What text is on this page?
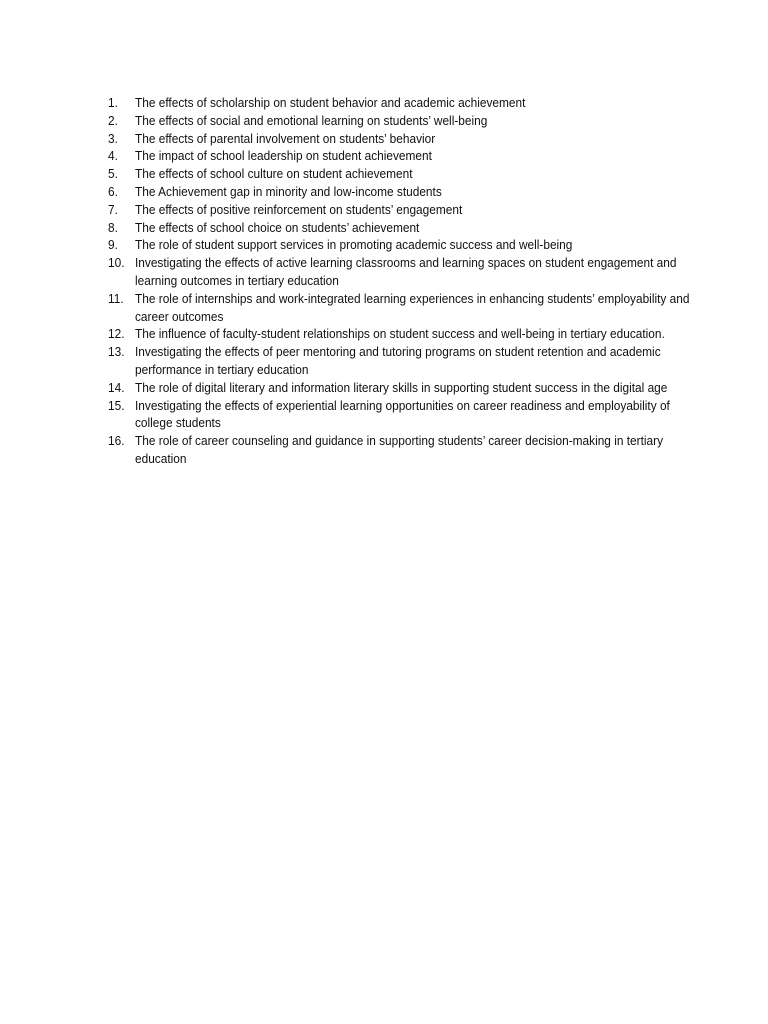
1.	The effects of scholarship on student behavior and academic achievement
2.	The effects of social and emotional learning on students’ well-being
3.	The effects of parental involvement on students’ behavior
4.	The impact of school leadership on student achievement
5.	The effects of school culture on student achievement
6.	The Achievement gap in minority and low-income students
7.	The effects of positive reinforcement on students’ engagement
8.	The effects of school choice on students’ achievement
9.	The role of student support services in promoting academic success and well-being
10. Investigating the effects of active learning classrooms and learning spaces on student engagement and learning outcomes in tertiary education
11. The role of internships and work-integrated learning experiences in enhancing students’ employability and career outcomes
12. The influence of faculty-student relationships on student success and well-being in tertiary education.
13. Investigating the effects of peer mentoring and tutoring programs on student retention and academic performance in tertiary education
14. The role of digital literary and information literary skills in supporting student success in the digital age
15. Investigating the effects of experiential learning opportunities on career readiness and employability of college students
16. The role of career counseling and guidance in supporting students’ career decision-making in tertiary education
